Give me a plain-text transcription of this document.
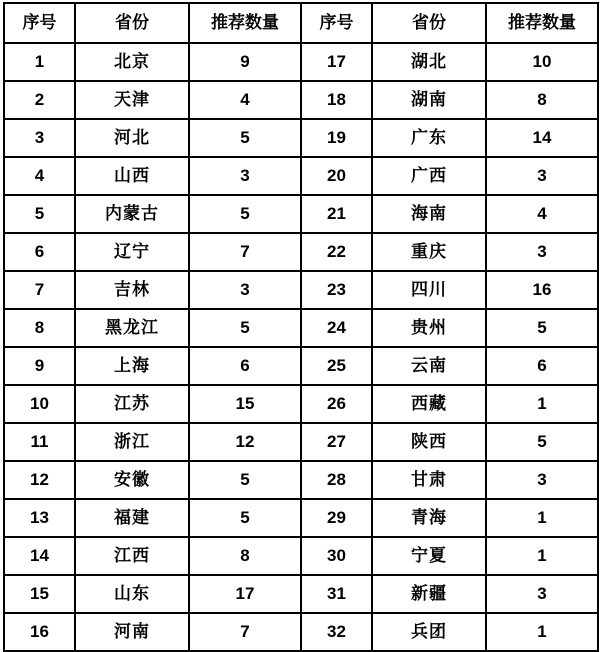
序号	省份	推荐数量	序号	省份	推荐数量
1	北京	9	17	湖北	10
2	天津	4	18	湖南	8
3	河北	5	19	广东	14
4	山西	3	20	广西	3
5	内蒙古	5	21	海南	4
6	辽宁	7	22	重庆	3
7	吉林	3	23	四川	16
8	黑龙江	5	24	贵州	5
9	上海	6	25	云南	6
10	江苏	15	26	西藏	1
11	浙江	12	27	陕西	5
12	安徽	5	28	甘肃	3
13	福建	5	29	青海	1
14	江西	8	30	宁夏	1
15	山东	17	31	新疆	3
16	河南	7	32	兵团	1
